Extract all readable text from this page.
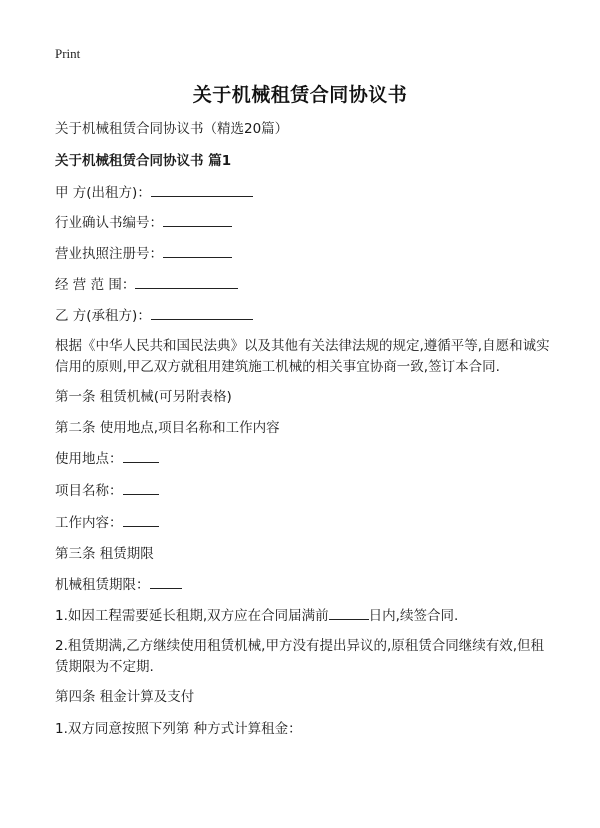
Print
关于机械租赁合同协议书
关于机械租赁合同协议书（精选20篇）
关于机械租赁合同协议书 篇1
甲 方(出租方)：
行业确认书编号：
营业执照注册号：
经 营 范 围：
乙 方(承租方)：
根据《中华人民共和国民法典》以及其他有关法律法规的规定,遵循平等,自愿和诚实信用的原则,甲乙双方就租用建筑施工机械的相关事宜协商一致,签订本合同.
第一条 租赁机械(可另附表格)
第二条 使用地点,项目名称和工作内容
使用地点：
项目名称：
工作内容：
第三条 租赁期限
机械租赁期限：
1.如因工程需要延长租期,双方应在合同届满前	日内,续签合同.
2.租赁期满,乙方继续使用租赁机械,甲方没有提出异议的,原租赁合同继续有效,但租赁期限为不定期.
第四条 租金计算及支付
1.双方同意按照下列第 种方式计算租金：
